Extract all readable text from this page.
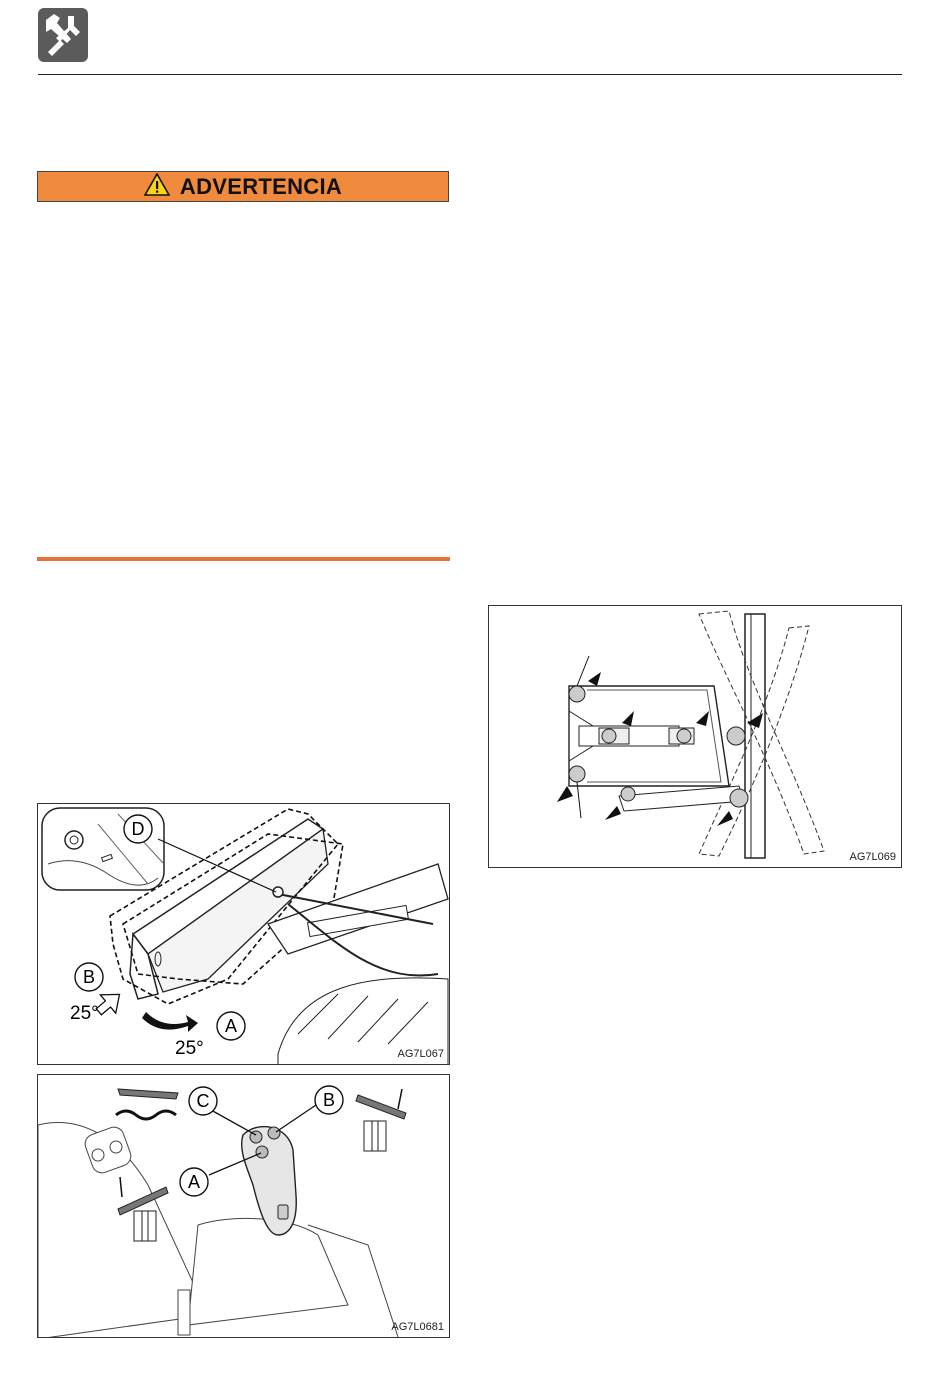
ADVERTENCIA
D
B
A
25°
25°	AG7L067
C	B
A
AG7L0681
AG7L069
